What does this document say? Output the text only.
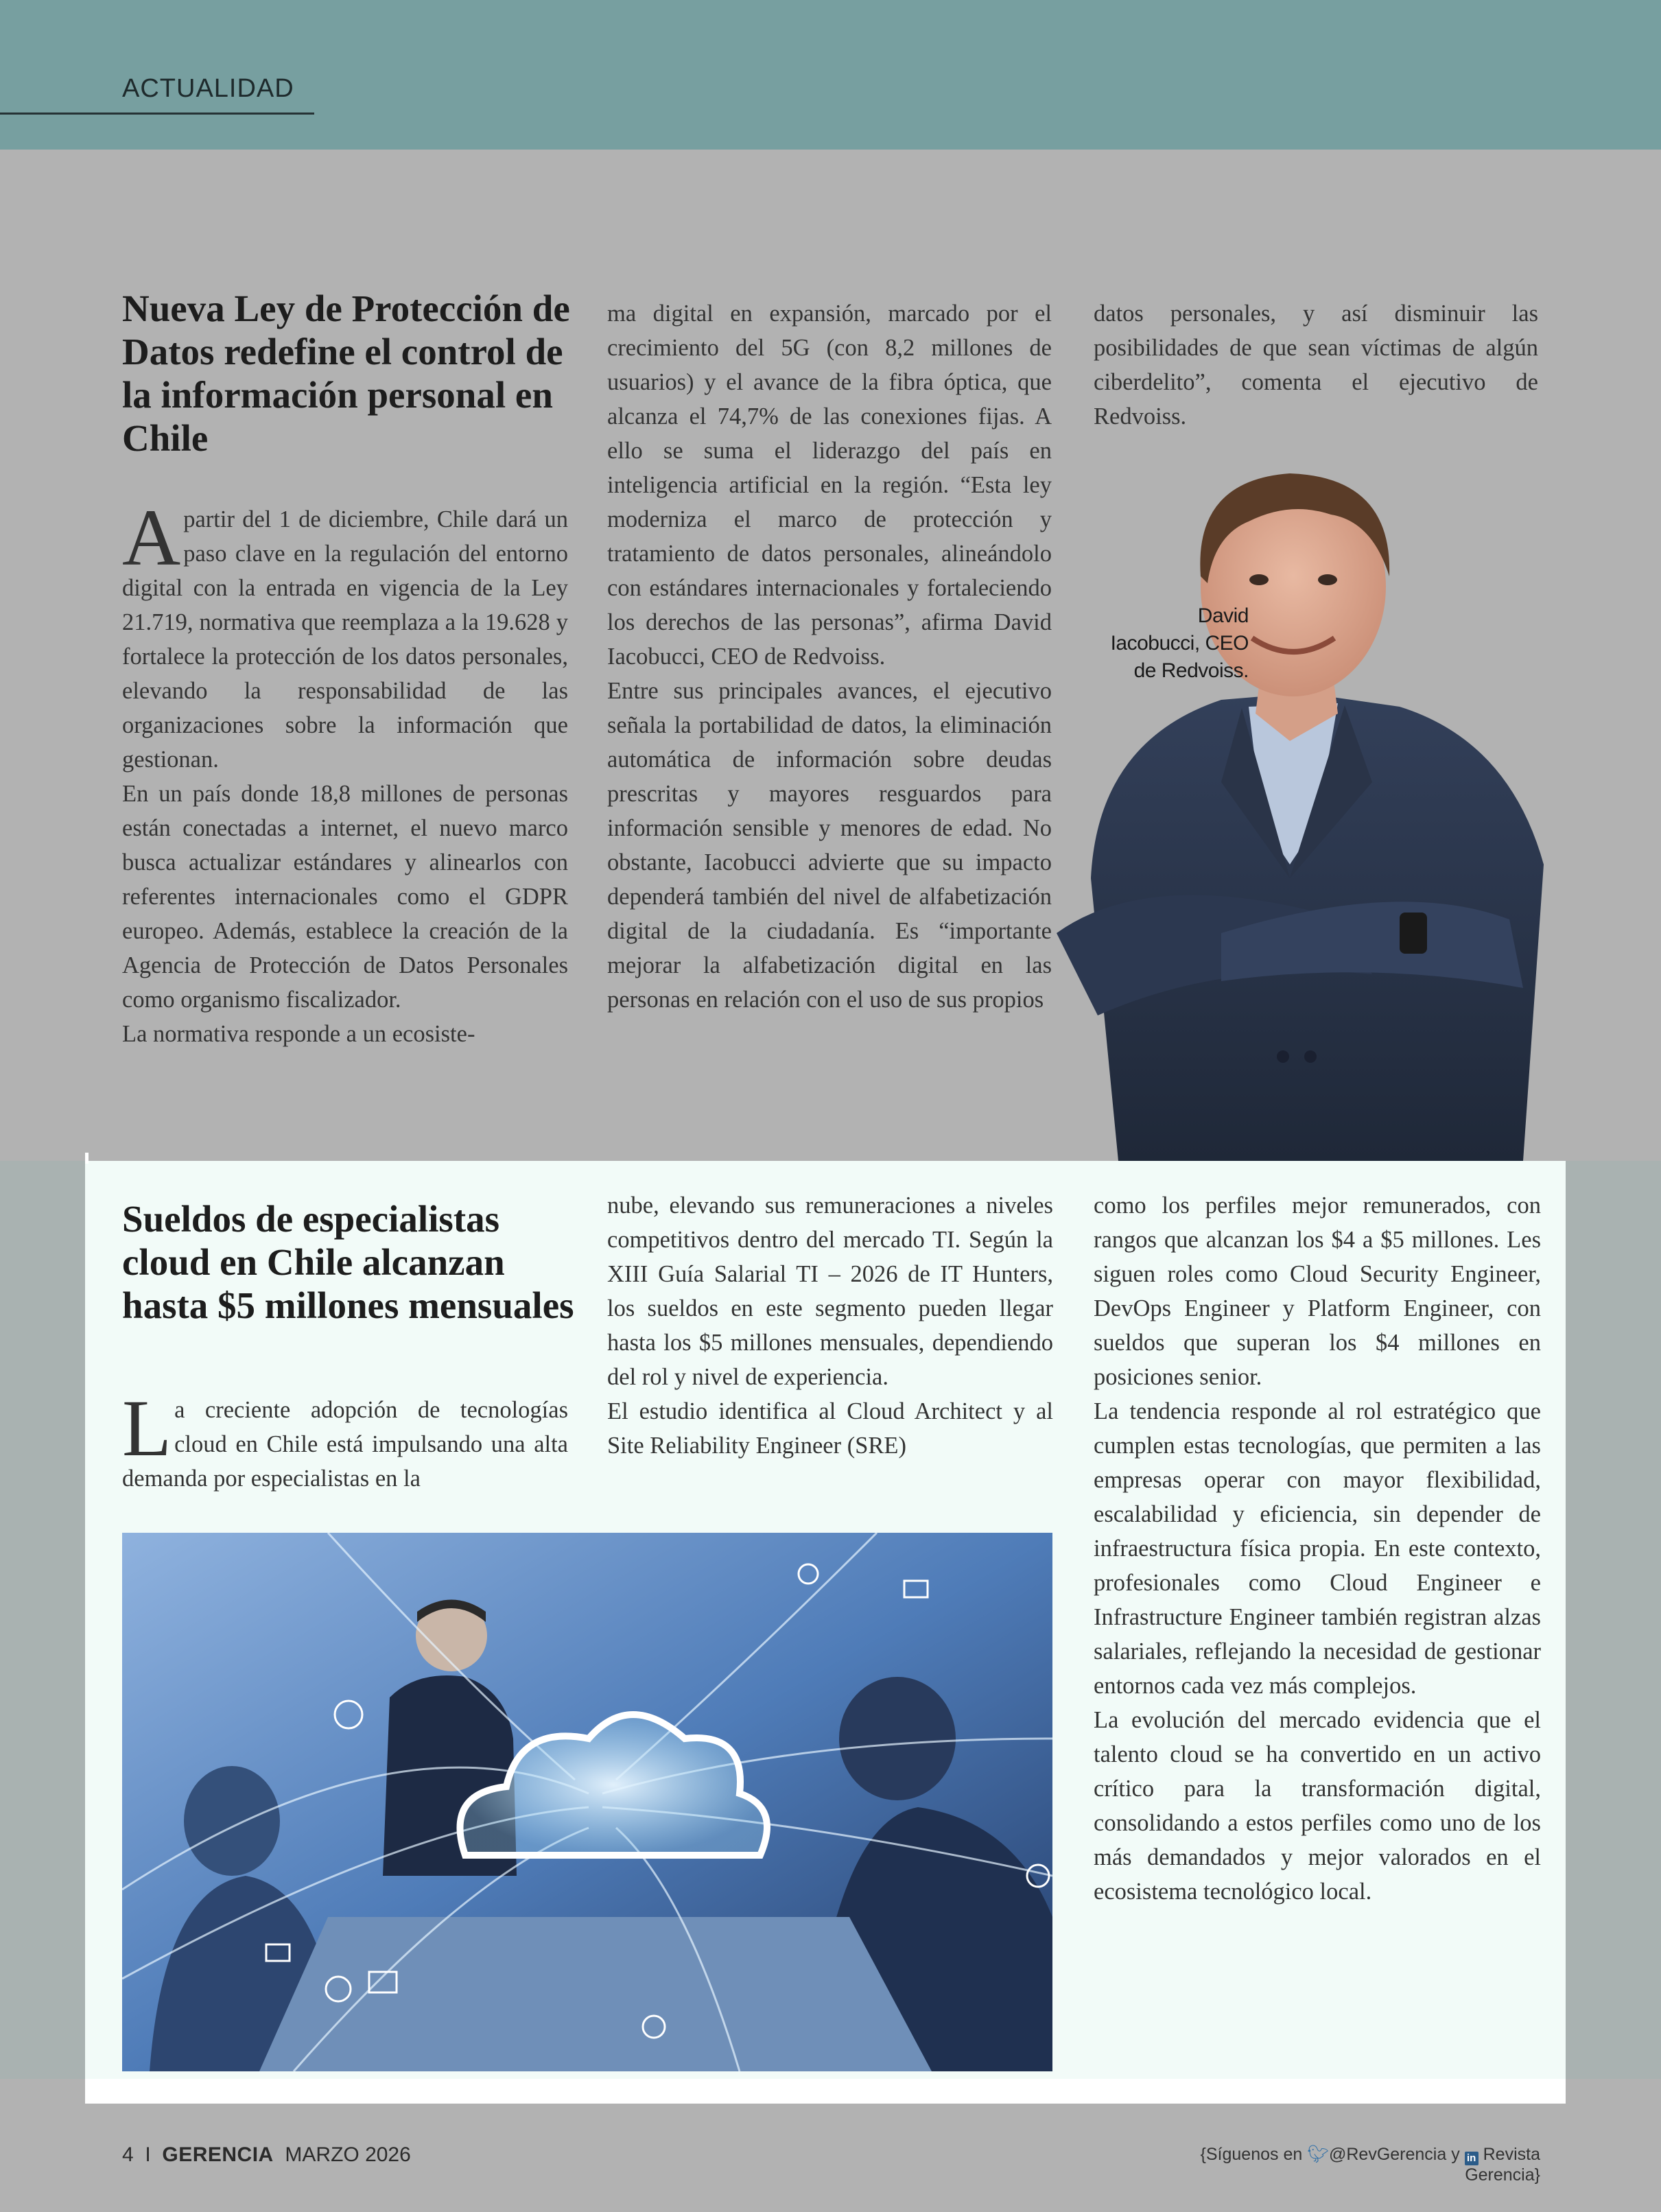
ACTUALIDAD
Nueva Ley de Protección de Datos redefine el control de la información personal en Chile

Apartir del 1 de diciembre, Chile dará un paso clave en la regulación del entorno digital con la entrada en vigencia de la Ley 21.719, normativa que reemplaza a la 19.628 y fortalece la protección de los datos personales, elevando la responsabilidad de las organizaciones sobre la información que gestionan.

En un país donde 18,8 millones de personas están conectadas a internet, el nuevo marco busca actualizar estándares y alinearlos con referentes internacionales como el GDPR europeo. Además, establece la creación de la Agencia de Protección de Datos Personales como organismo fiscalizador.

La normativa responde a un ecosiste-

ma digital en expansión, marcado por el crecimiento del 5G (con 8,2 millones de usuarios) y el avance de la fibra óptica, que alcanza el 74,7% de las conexiones fijas. A ello se suma el liderazgo del país en inteligencia artificial en la región. “Esta ley moderniza el marco de protección y tratamiento de datos personales, alineándolo con estándares internacionales y fortaleciendo los derechos de las personas”, afirma David Iacobucci, CEO de Redvoiss.

Entre sus principales avances, el ejecutivo señala la portabilidad de datos, la eliminación automática de información sobre deudas prescritas y mayores resguardos para información sensible y menores de edad. No obstante, Iacobucci advierte que su impacto dependerá también del nivel de alfabetización digital de la ciudadanía. Es “importante mejorar la alfabetización digital en las personas en relación con el uso de sus propios

datos personales, y así disminuir las posibilidades de que sean víctimas de algún ciberdelito”, comenta el ejecutivo de Redvoiss.

David
Iacobucci, CEO
de Redvoiss.
Sueldos de especialistas cloud en Chile alcanzan hasta $5 millones mensuales

La creciente adopción de tecnologías cloud en Chile está impulsando una alta demanda por especialistas en la

nube, elevando sus remuneraciones a niveles competitivos dentro del mercado TI. Según la XIII Guía Salarial TI – 2026 de IT Hunters, los sueldos en este segmento pueden llegar hasta los $5 millones mensuales, dependiendo del rol y nivel de experiencia.

El estudio identifica al Cloud Architect y al Site Reliability Engineer (SRE)

como los perfiles mejor remunerados, con rangos que alcanzan los $4 a $5 millones. Les siguen roles como Cloud Security Engineer, DevOps Engineer y Platform Engineer, con sueldos que superan los $4 millones en posiciones senior.

La tendencia responde al rol estratégico que cumplen estas tecnologías, que permiten a las empresas operar con mayor flexibilidad, escalabilidad y eficiencia, sin depender de infraestructura física propia. En este contexto, profesionales como Cloud Engineer e Infrastructure Engineer también registran alzas salariales, reflejando la necesidad de gestionar entornos cada vez más complejos.

La evolución del mercado evidencia que el talento cloud se ha convertido en un activo crítico para la transformación digital, consolidando a estos perfiles como uno de los más demandados y mejor valorados en el ecosistema tecnológico local.

4 I GERENCIA MARZO 2026	{Síguenos en 🐦︎@RevGerencia y in Revista Gerencia}
